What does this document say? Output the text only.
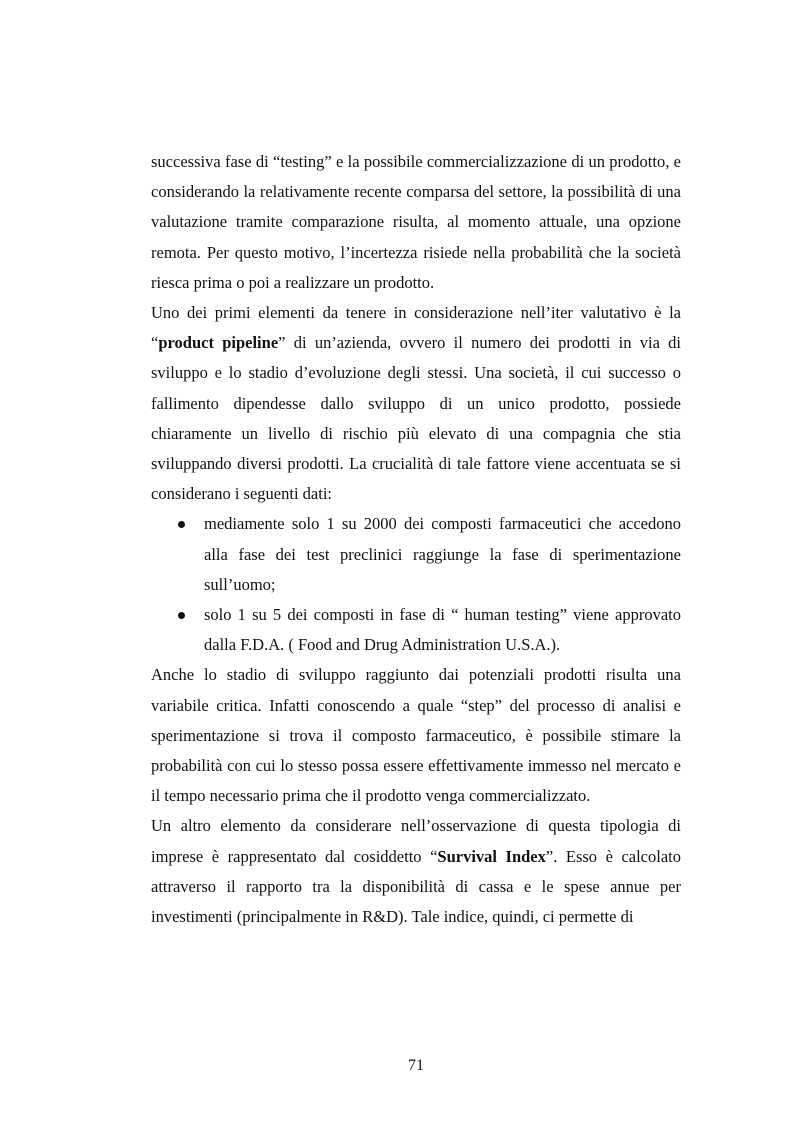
successiva fase di “testing” e la possibile commercializzazione di un prodotto, e considerando la relativamente recente comparsa del settore, la possibilità di una valutazione tramite comparazione risulta, al momento attuale, una opzione remota. Per questo motivo, l’incertezza risiede nella probabilità che la società riesca prima o poi a realizzare un prodotto.

Uno dei primi elementi da tenere in considerazione nell’iter valutativo è la “product pipeline” di un’azienda, ovvero il numero dei prodotti in via di sviluppo e lo stadio d’evoluzione degli stessi. Una società, il cui successo o fallimento dipendesse dallo sviluppo di un unico prodotto, possiede chiaramente un livello di rischio più elevato di una compagnia che stia sviluppando diversi prodotti. La crucialità di tale fattore viene accentuata se si considerano i seguenti dati:

mediamente solo 1 su 2000 dei composti farmaceutici che accedono alla fase dei test preclinici raggiunge la fase di sperimentazione sull’uomo;
solo 1 su 5 dei composti in fase di “ human testing” viene approvato dalla F.D.A. ( Food and Drug Administration U.S.A.).

Anche lo stadio di sviluppo raggiunto dai potenziali prodotti risulta una variabile critica. Infatti conoscendo a quale “step” del processo di analisi e sperimentazione si trova il composto farmaceutico, è possibile stimare la probabilità con cui lo stesso possa essere effettivamente immesso nel mercato e il tempo necessario prima che il prodotto venga commercializzato.

Un altro elemento da considerare nell’osservazione di questa tipologia di imprese è rappresentato dal cosiddetto “Survival Index”. Esso è calcolato attraverso il rapporto tra la disponibilità di cassa e le spese annue per investimenti (principalmente in R&D). Tale indice, quindi, ci permette di

71
